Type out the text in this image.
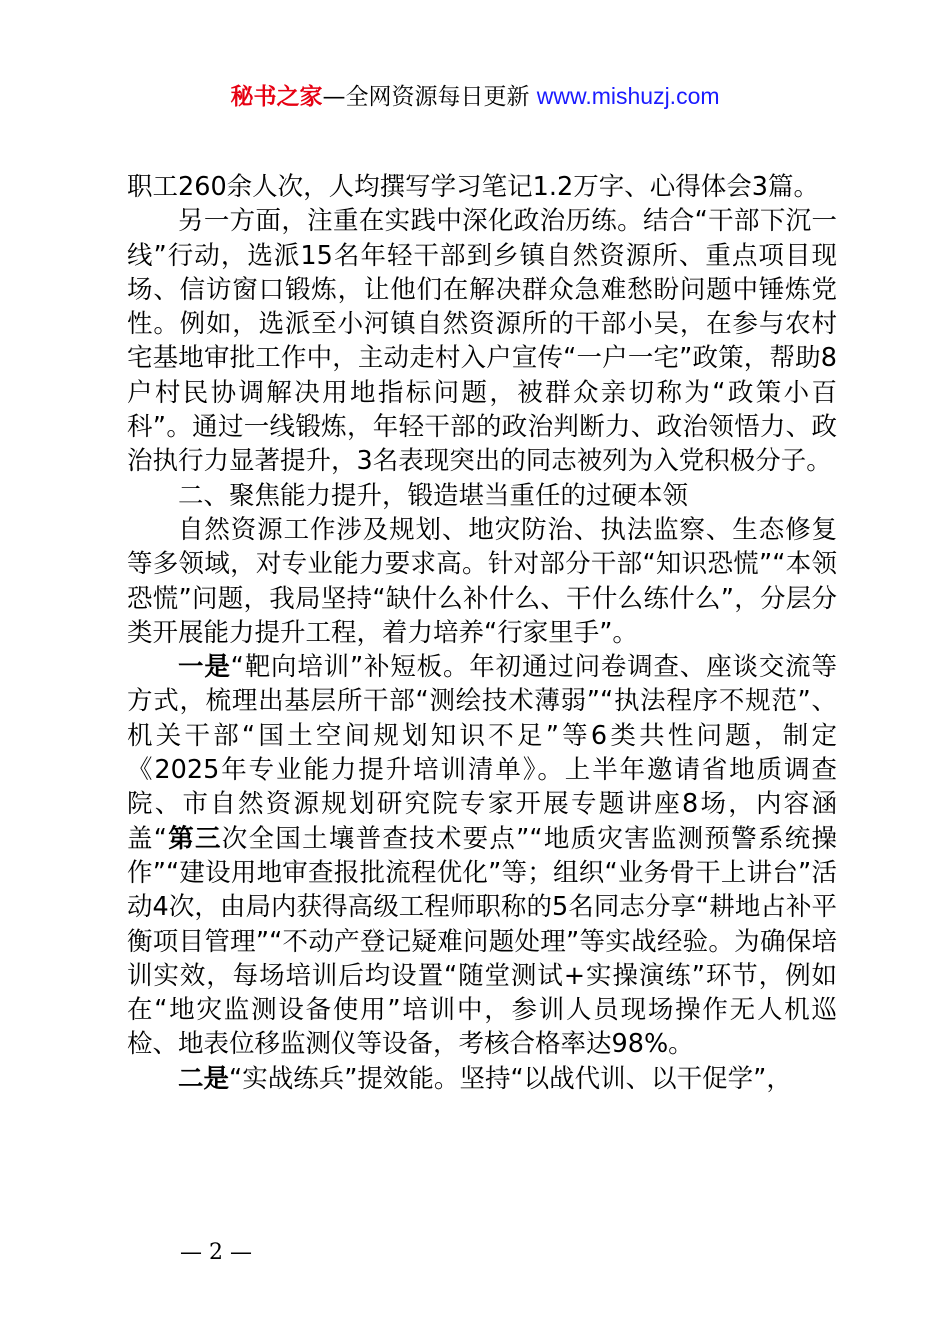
秘书之家—全网资源每日更新 www.mishuzj.com

职工260余人次，人均撰写学习笔记1.2万字、心得体会3篇。

另一方面，注重在实践中深化政治历练。结合“干部下沉一线”行动，选派15名年轻干部到乡镇自然资源所、重点项目现场、信访窗口锻炼，让他们在解决群众急难愁盼问题中锤炼党性。例如，选派至小河镇自然资源所的干部小吴，在参与农村宅基地审批工作中，主动走村入户宣传“一户一宅”政策，帮助8户村民协调解决用地指标问题，被群众亲切称为“政策小百科”。通过一线锻炼，年轻干部的政治判断力、政治领悟力、政治执行力显著提升，3名表现突出的同志被列为入党积极分子。

二、聚焦能力提升，锻造堪当重任的过硬本领

自然资源工作涉及规划、地灾防治、执法监察、生态修复等多领域，对专业能力要求高。针对部分干部“知识恐慌”“本领恐慌”问题，我局坚持“缺什么补什么、干什么练什么”，分层分类开展能力提升工程，着力培养“行家里手”。

一是“靶向培训”补短板。年初通过问卷调查、座谈交流等方式，梳理出基层所干部“测绘技术薄弱”“执法程序不规范”、机关干部“国土空间规划知识不足”等6类共性问题，制定《2025年专业能力提升培训清单》。上半年邀请省地质调查院、市自然资源规划研究院专家开展专题讲座8场，内容涵盖“第三次全国土壤普查技术要点”“地质灾害监测预警系统操作”“建设用地审查报批流程优化”等；组织“业务骨干上讲台”活动4次，由局内获得高级工程师职称的5名同志分享“耕地占补平衡项目管理”“不动产登记疑难问题处理”等实战经验。为确保培训实效，每场培训后均设置“随堂测试+实操演练”环节，例如在“地灾监测设备使用”培训中，参训人员现场操作无人机巡检、地表位移监测仪等设备，考核合格率达98%。

二是“实战练兵”提效能。坚持“以战代训、以干促学”，

— 2 —
